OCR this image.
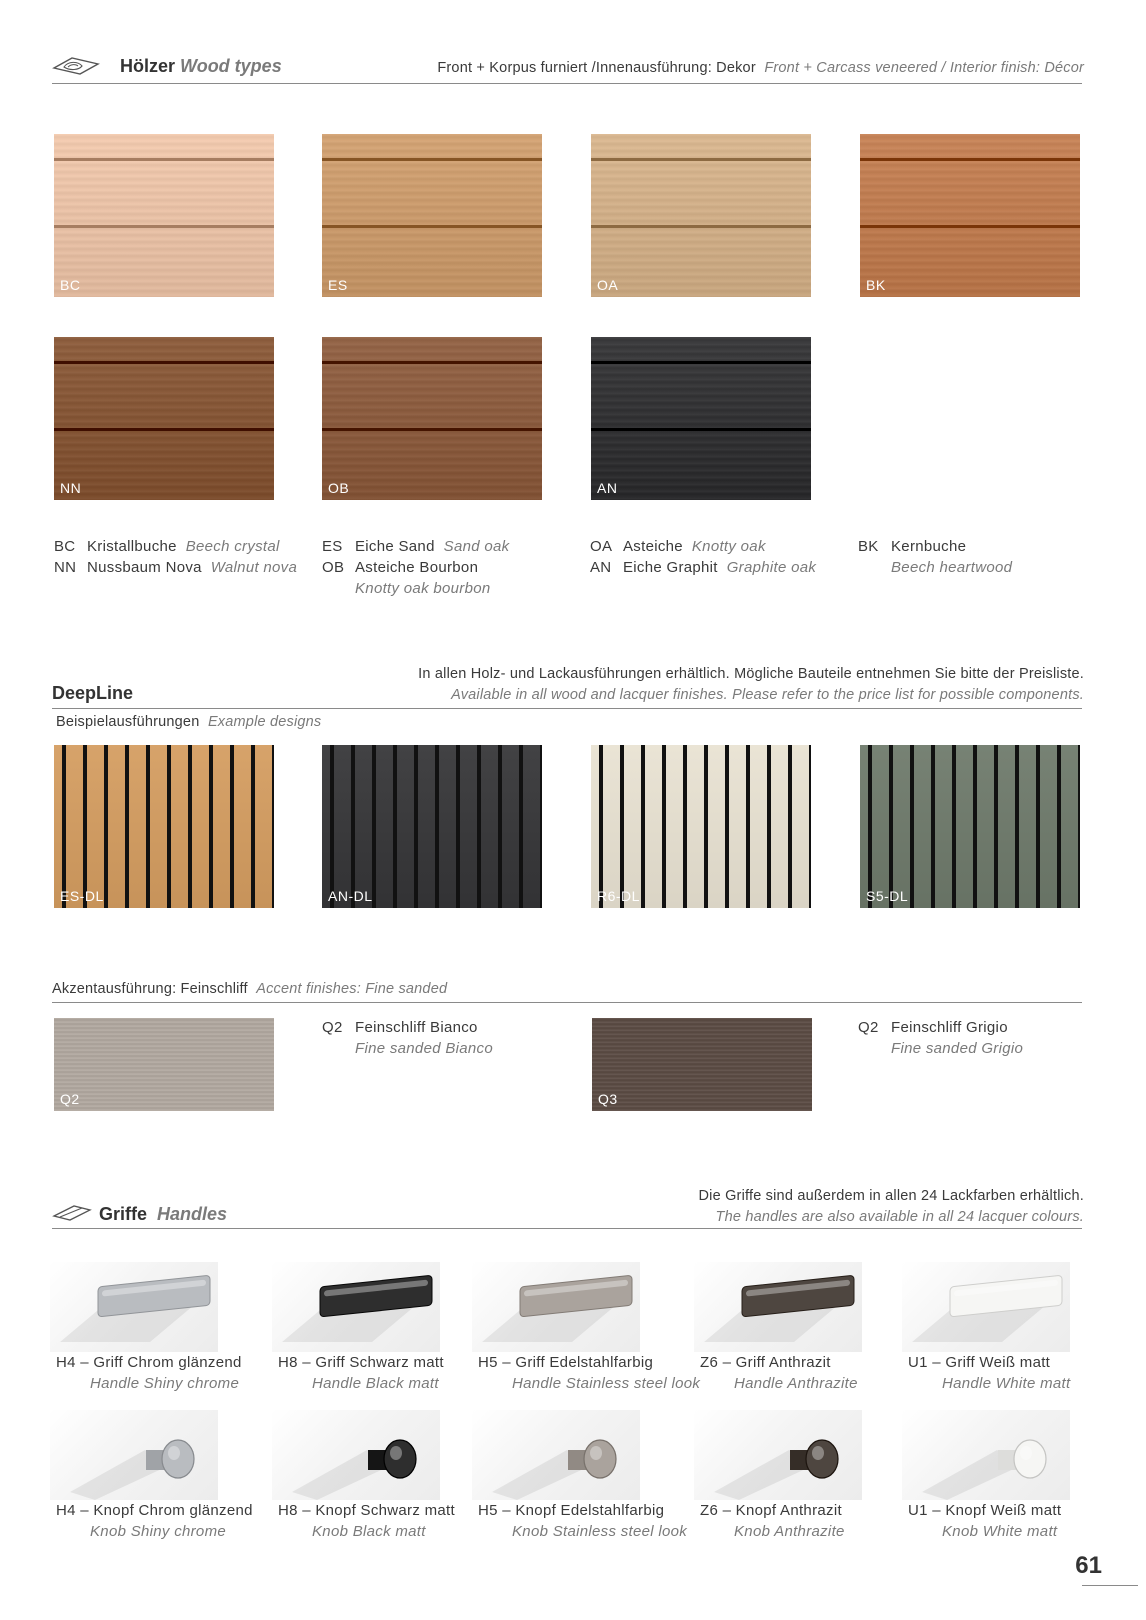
Hölzer Wood types	Front + Korpus furniert /Innenausführung: Dekor Front + Carcass veneered / Interior finish: Décor
BC	ES	OA	BK
NN	OB	AN
BC Kristallbuche Beech crystal
NN Nussbaum Nova Walnut nova
ES Eiche Sand Sand oak
OB Asteiche Bourbon
Knotty oak bourbon
OA Asteiche Knotty oak
AN Eiche Graphit Graphite oak
BK Kernbuche
Beech heartwood
DeepLine
In allen Holz- und Lackausführungen erhältlich. Mögliche Bauteile entnehmen Sie bitte der Preisliste.
Available in all wood and lacquer finishes. Please refer to the price list for possible components.
Beispielausführungen Example designs
ES-DL	AN-DL	R6-DL	S5-DL
Akzentausführung: Feinschliff Accent finishes: Fine sanded
Q2
Q2 Feinschliff Bianco
Fine sanded Bianco
Q3
Q2 Feinschliff Grigio
Fine sanded Grigio
Griffe Handles
Die Griffe sind außerdem in allen 24 Lackfarben erhältlich.
The handles are also available in all 24 lacquer colours.
H4 – Griff Chrom glänzend
Handle Shiny chrome
H8 – Griff Schwarz matt
Handle Black matt
H5 – Griff Edelstahlfarbig
Handle Stainless steel look
Z6 – Griff Anthrazit
Handle Anthrazite
U1 – Griff Weiß matt
Handle White matt
H4 – Knopf Chrom glänzend
Knob Shiny chrome
H8 – Knopf Schwarz matt
Knob Black matt
H5 – Knopf Edelstahlfarbig
Knob Stainless steel look
Z6 – Knopf Anthrazit
Knob Anthrazite
U1 – Knopf Weiß matt
Knob White matt
61
